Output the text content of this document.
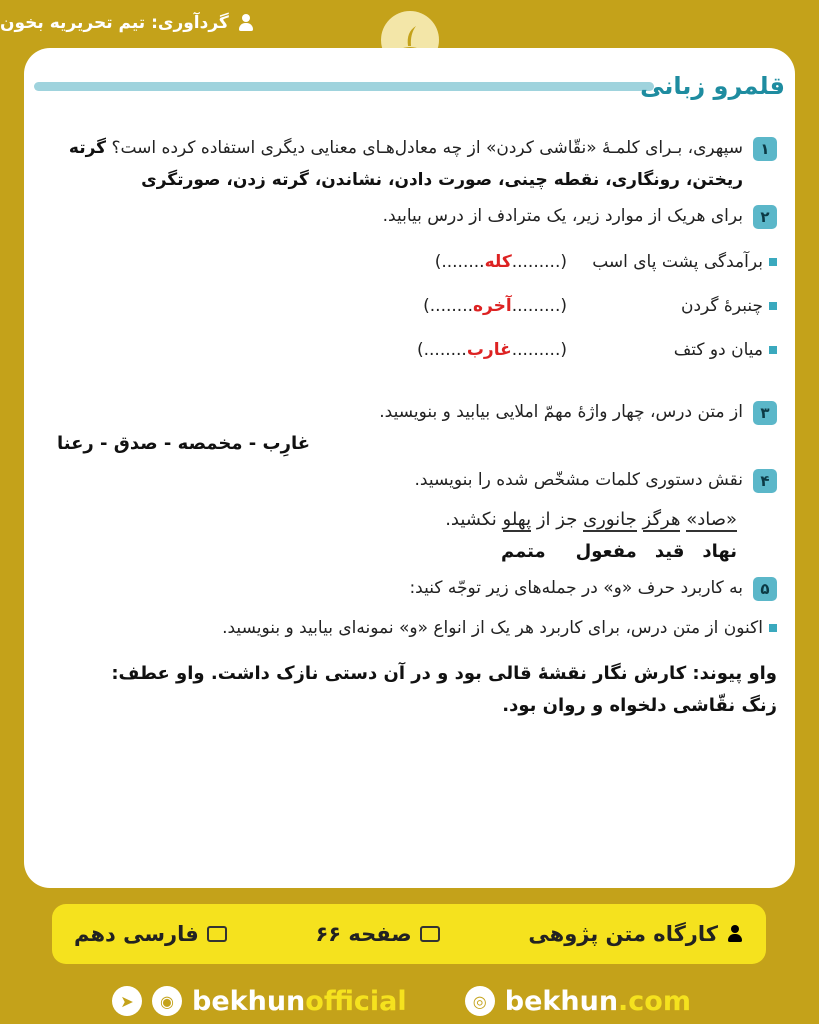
گردآوری: تیم تحریریه بخون
قلمرو زبانی
۱
سپهری، بـرای کلمـهٔ «نقّاشی کردن» از چه معادل‌هـای معنایی دیگری استفاده کرده است؟ گرته ریختن، رونگاری، نقطه چینی، صورت دادن، نشاندن، گرته زدن، صورتگری
۲
برای هریک از موارد زیر، یک مترادف از درس بیابید.
برآمدگی پشت پای اسب
(.........کله........)
چنبرهٔ گردن
(.........آخره........)
میان دو کتف
(.........غارب........)
۳
از متن درس، چهار واژهٔ مهمّ املایی بیابید و بنویسید.
غارِب - مخمصه - صدق - رعنا
۴
نقش دستوری کلمات مشخّص شده را بنویسید.
«صاد» هرگز جانوری جز از پهلو نکشید.
نهاد
قید
مفعول
متمم
۵
به کاربرد حرف «و» در جمله‌های زیر توجّه کنید:
اکنون از متن درس، برای کاربرد هر یک از انواع «و» نمونه‌ای بیابید و بنویسید.
واو پیوند: کارش نگار نقشهٔ قالی بود و در آن دستی نازک داشت. واو عطف: زنگ نقّاشی دلخواه و روان بود.
کارگاه متن پژوهی
صفحه ۶۶
فارسی دهم
➤	◉ bekhunofficial	◎ bekhun.com
